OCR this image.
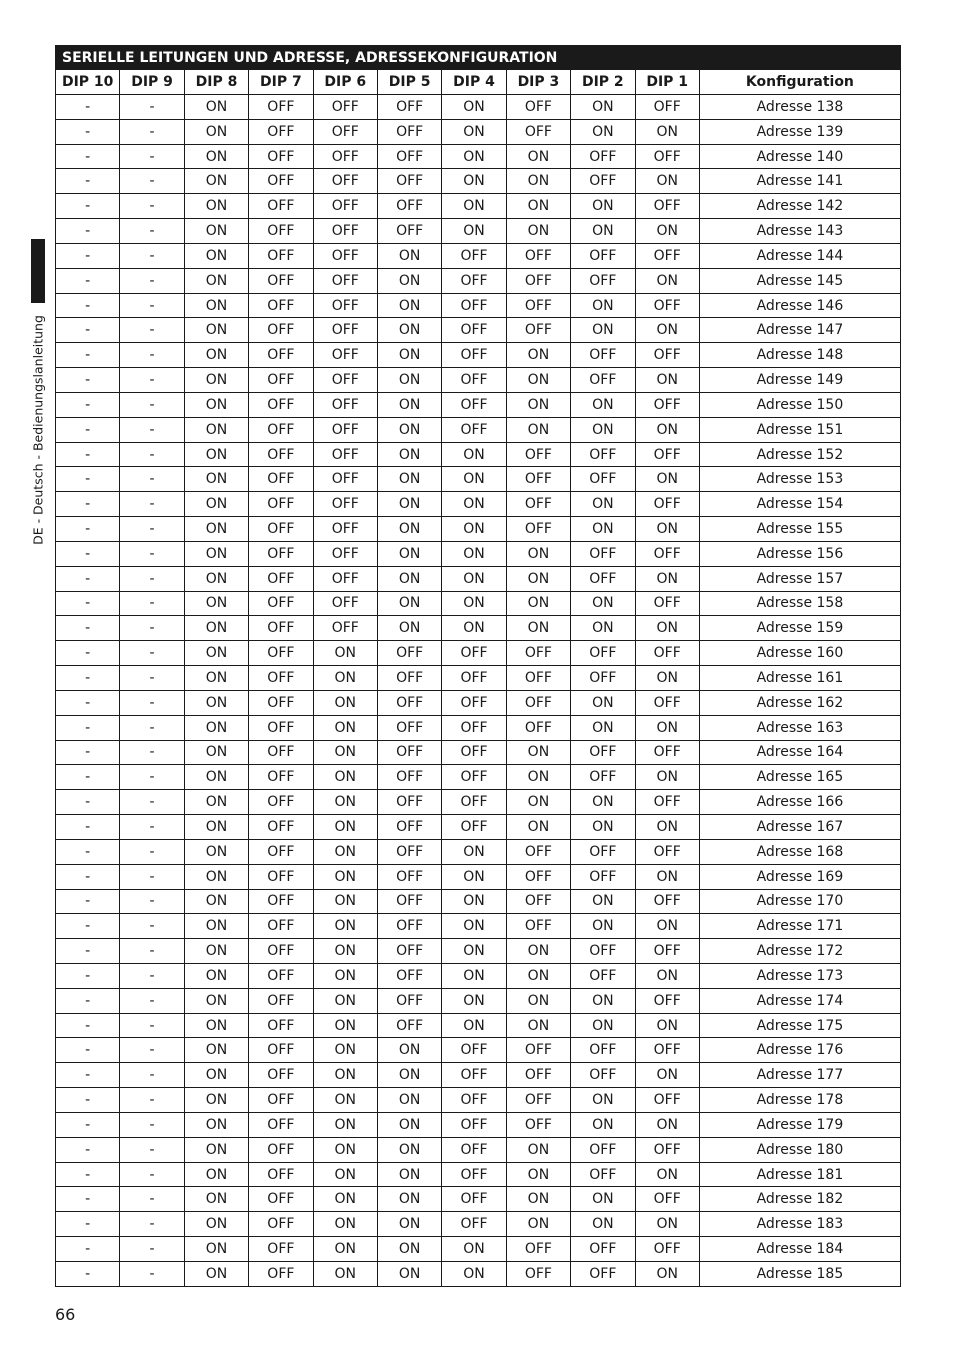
DE - Deutsch - Bedienungslanleitung
SERIELLE LEITUNGEN UND ADRESSE, ADRESSEKONFIGURATION										
DIP 10	DIP 9	DIP 8	DIP 7	DIP 6	DIP 5	DIP 4	DIP 3	DIP 2	DIP 1	Konfiguration
-	-	ON	OFF	OFF	OFF	ON	OFF	ON	OFF	Adresse 138
-	-	ON	OFF	OFF	OFF	ON	OFF	ON	ON	Adresse 139
-	-	ON	OFF	OFF	OFF	ON	ON	OFF	OFF	Adresse 140
-	-	ON	OFF	OFF	OFF	ON	ON	OFF	ON	Adresse 141
-	-	ON	OFF	OFF	OFF	ON	ON	ON	OFF	Adresse 142
-	-	ON	OFF	OFF	OFF	ON	ON	ON	ON	Adresse 143
-	-	ON	OFF	OFF	ON	OFF	OFF	OFF	OFF	Adresse 144
-	-	ON	OFF	OFF	ON	OFF	OFF	OFF	ON	Adresse 145
-	-	ON	OFF	OFF	ON	OFF	OFF	ON	OFF	Adresse 146
-	-	ON	OFF	OFF	ON	OFF	OFF	ON	ON	Adresse 147
-	-	ON	OFF	OFF	ON	OFF	ON	OFF	OFF	Adresse 148
-	-	ON	OFF	OFF	ON	OFF	ON	OFF	ON	Adresse 149
-	-	ON	OFF	OFF	ON	OFF	ON	ON	OFF	Adresse 150
-	-	ON	OFF	OFF	ON	OFF	ON	ON	ON	Adresse 151
-	-	ON	OFF	OFF	ON	ON	OFF	OFF	OFF	Adresse 152
-	-	ON	OFF	OFF	ON	ON	OFF	OFF	ON	Adresse 153
-	-	ON	OFF	OFF	ON	ON	OFF	ON	OFF	Adresse 154
-	-	ON	OFF	OFF	ON	ON	OFF	ON	ON	Adresse 155
-	-	ON	OFF	OFF	ON	ON	ON	OFF	OFF	Adresse 156
-	-	ON	OFF	OFF	ON	ON	ON	OFF	ON	Adresse 157
-	-	ON	OFF	OFF	ON	ON	ON	ON	OFF	Adresse 158
-	-	ON	OFF	OFF	ON	ON	ON	ON	ON	Adresse 159
-	-	ON	OFF	ON	OFF	OFF	OFF	OFF	OFF	Adresse 160
-	-	ON	OFF	ON	OFF	OFF	OFF	OFF	ON	Adresse 161
-	-	ON	OFF	ON	OFF	OFF	OFF	ON	OFF	Adresse 162
-	-	ON	OFF	ON	OFF	OFF	OFF	ON	ON	Adresse 163
-	-	ON	OFF	ON	OFF	OFF	ON	OFF	OFF	Adresse 164
-	-	ON	OFF	ON	OFF	OFF	ON	OFF	ON	Adresse 165
-	-	ON	OFF	ON	OFF	OFF	ON	ON	OFF	Adresse 166
-	-	ON	OFF	ON	OFF	OFF	ON	ON	ON	Adresse 167
-	-	ON	OFF	ON	OFF	ON	OFF	OFF	OFF	Adresse 168
-	-	ON	OFF	ON	OFF	ON	OFF	OFF	ON	Adresse 169
-	-	ON	OFF	ON	OFF	ON	OFF	ON	OFF	Adresse 170
-	-	ON	OFF	ON	OFF	ON	OFF	ON	ON	Adresse 171
-	-	ON	OFF	ON	OFF	ON	ON	OFF	OFF	Adresse 172
-	-	ON	OFF	ON	OFF	ON	ON	OFF	ON	Adresse 173
-	-	ON	OFF	ON	OFF	ON	ON	ON	OFF	Adresse 174
-	-	ON	OFF	ON	OFF	ON	ON	ON	ON	Adresse 175
-	-	ON	OFF	ON	ON	OFF	OFF	OFF	OFF	Adresse 176
-	-	ON	OFF	ON	ON	OFF	OFF	OFF	ON	Adresse 177
-	-	ON	OFF	ON	ON	OFF	OFF	ON	OFF	Adresse 178
-	-	ON	OFF	ON	ON	OFF	OFF	ON	ON	Adresse 179
-	-	ON	OFF	ON	ON	OFF	ON	OFF	OFF	Adresse 180
-	-	ON	OFF	ON	ON	OFF	ON	OFF	ON	Adresse 181
-	-	ON	OFF	ON	ON	OFF	ON	ON	OFF	Adresse 182
-	-	ON	OFF	ON	ON	OFF	ON	ON	ON	Adresse 183
-	-	ON	OFF	ON	ON	ON	OFF	OFF	OFF	Adresse 184
-	-	ON	OFF	ON	ON	ON	OFF	OFF	ON	Adresse 185
66
